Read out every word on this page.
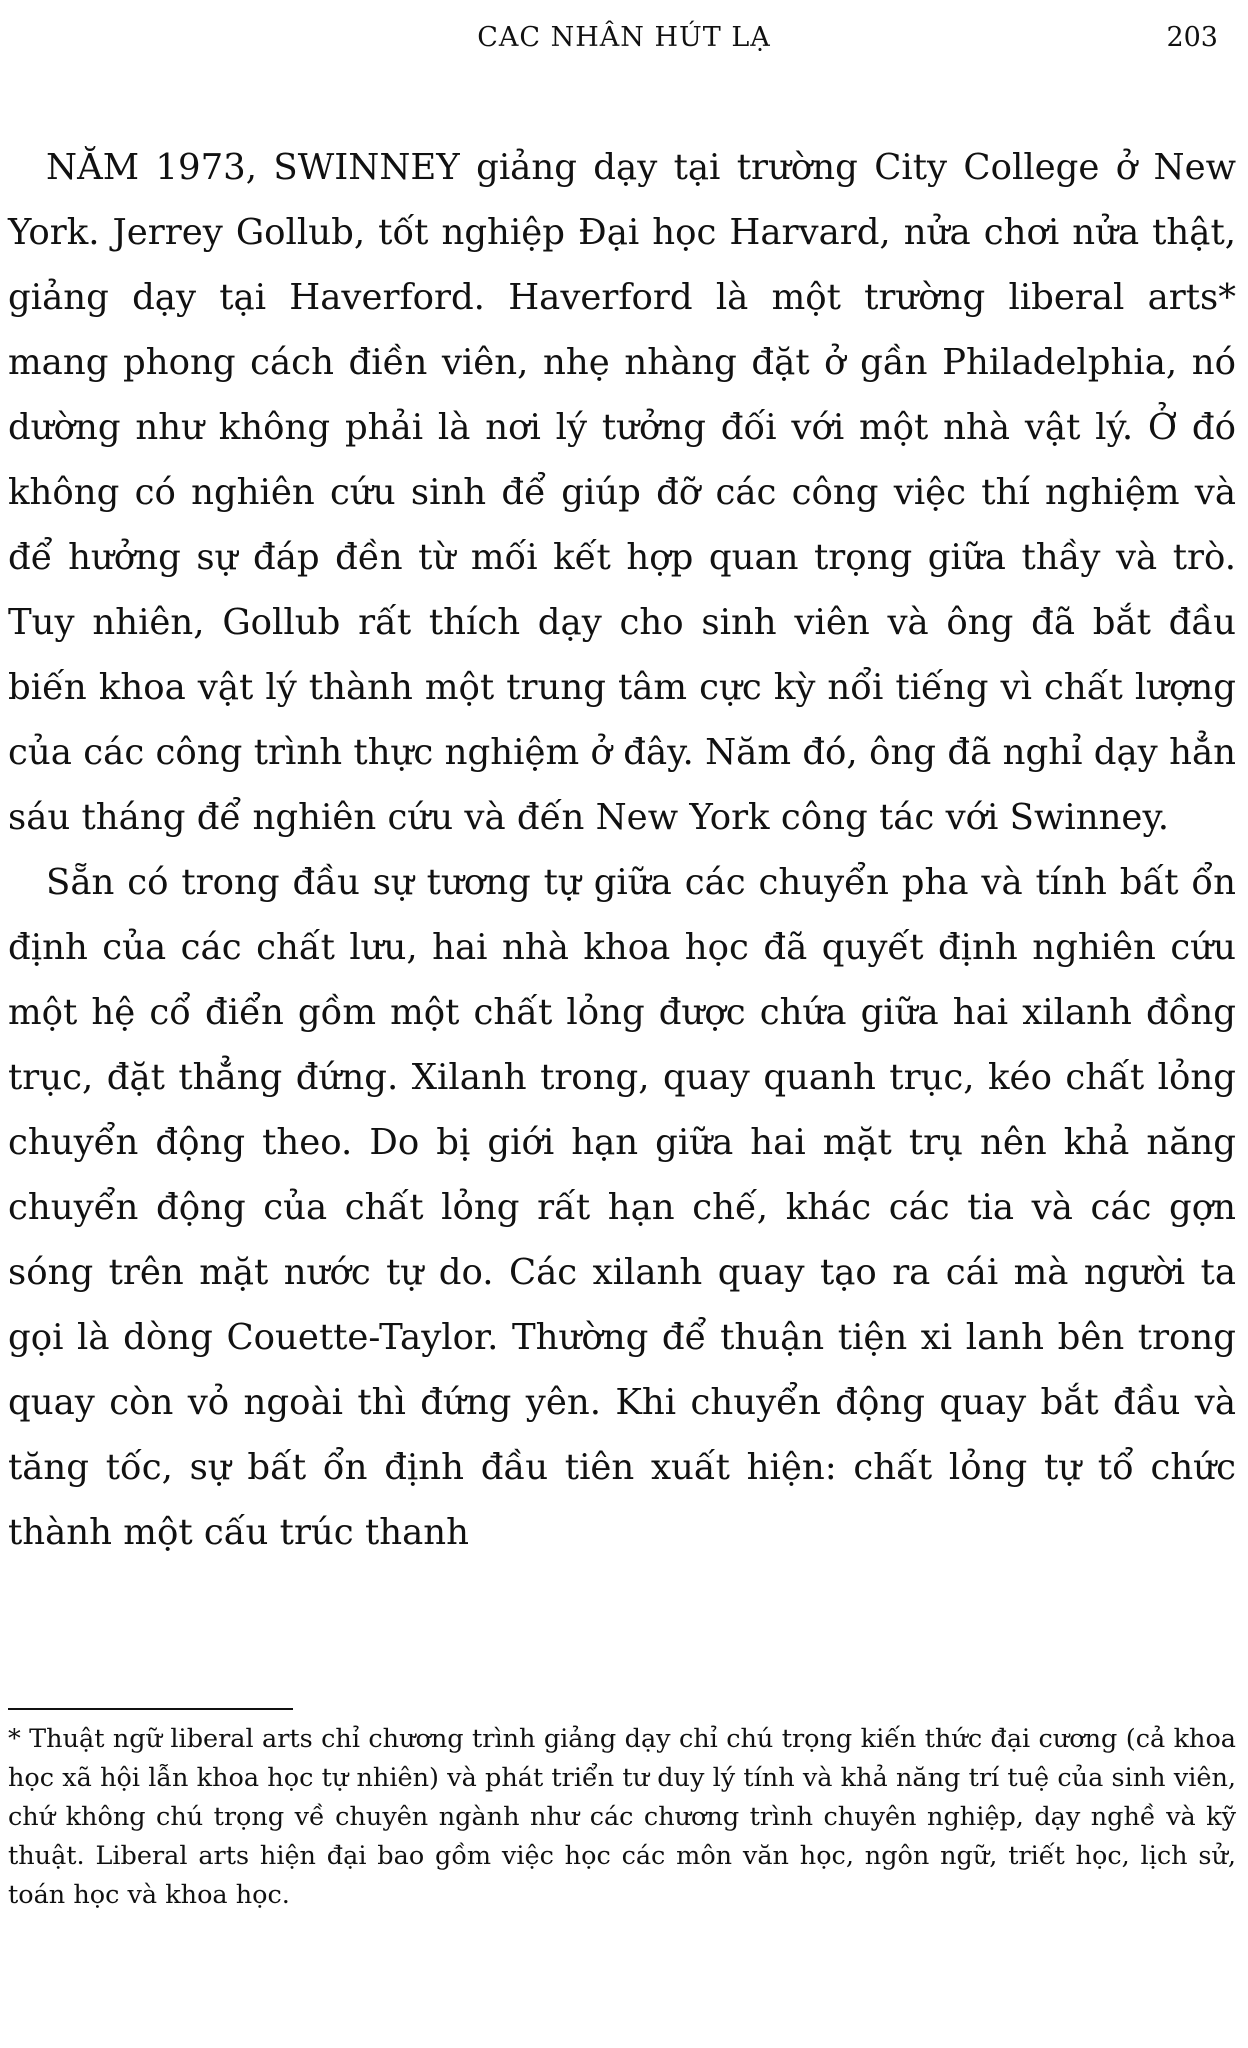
CAC NHÂN HÚT LẠ	203

NĂM 1973, SWINNEY giảng dạy tại trường City College ở New York. Jerrey Gollub, tốt nghiệp Đại học Harvard, nửa chơi nửa thật, giảng dạy tại Haverford. Haverford là một trường liberal arts* mang phong cách điền viên, nhẹ nhàng đặt ở gần Philadelphia, nó dường như không phải là nơi lý tưởng đối với một nhà vật lý. Ở đó không có nghiên cứu sinh để giúp đỡ các công việc thí nghiệm và để hưởng sự đáp đền từ mối kết hợp quan trọng giữa thầy và trò. Tuy nhiên, Gollub rất thích dạy cho sinh viên và ông đã bắt đầu biến khoa vật lý thành một trung tâm cực kỳ nổi tiếng vì chất lượng của các công trình thực nghiệm ở đây. Năm đó, ông đã nghỉ dạy hẳn sáu tháng để nghiên cứu và đến New York công tác với Swinney.

Sẵn có trong đầu sự tương tự giữa các chuyển pha và tính bất ổn định của các chất lưu, hai nhà khoa học đã quyết định nghiên cứu một hệ cổ điển gồm một chất lỏng được chứa giữa hai xilanh đồng trục, đặt thẳng đứng. Xilanh trong, quay quanh trục, kéo chất lỏng chuyển động theo. Do bị giới hạn giữa hai mặt trụ nên khả năng chuyển động của chất lỏng rất hạn chế, khác các tia và các gợn sóng trên mặt nước tự do. Các xilanh quay tạo ra cái mà người ta gọi là dòng Couette-Taylor. Thường để thuận tiện xi lanh bên trong quay còn vỏ ngoài thì đứng yên. Khi chuyển động quay bắt đầu và tăng tốc, sự bất ổn định đầu tiên xuất hiện: chất lỏng tự tổ chức thành một cấu trúc thanh

* Thuật ngữ liberal arts chỉ chương trình giảng dạy chỉ chú trọng kiến thức đại cương (cả khoa học xã hội lẫn khoa học tự nhiên) và phát triển tư duy lý tính và khả năng trí tuệ của sinh viên, chứ không chú trọng về chuyên ngành như các chương trình chuyên nghiệp, dạy nghề và kỹ thuật. Liberal arts hiện đại bao gồm việc học các môn văn học, ngôn ngữ, triết học, lịch sử, toán học và khoa học.
